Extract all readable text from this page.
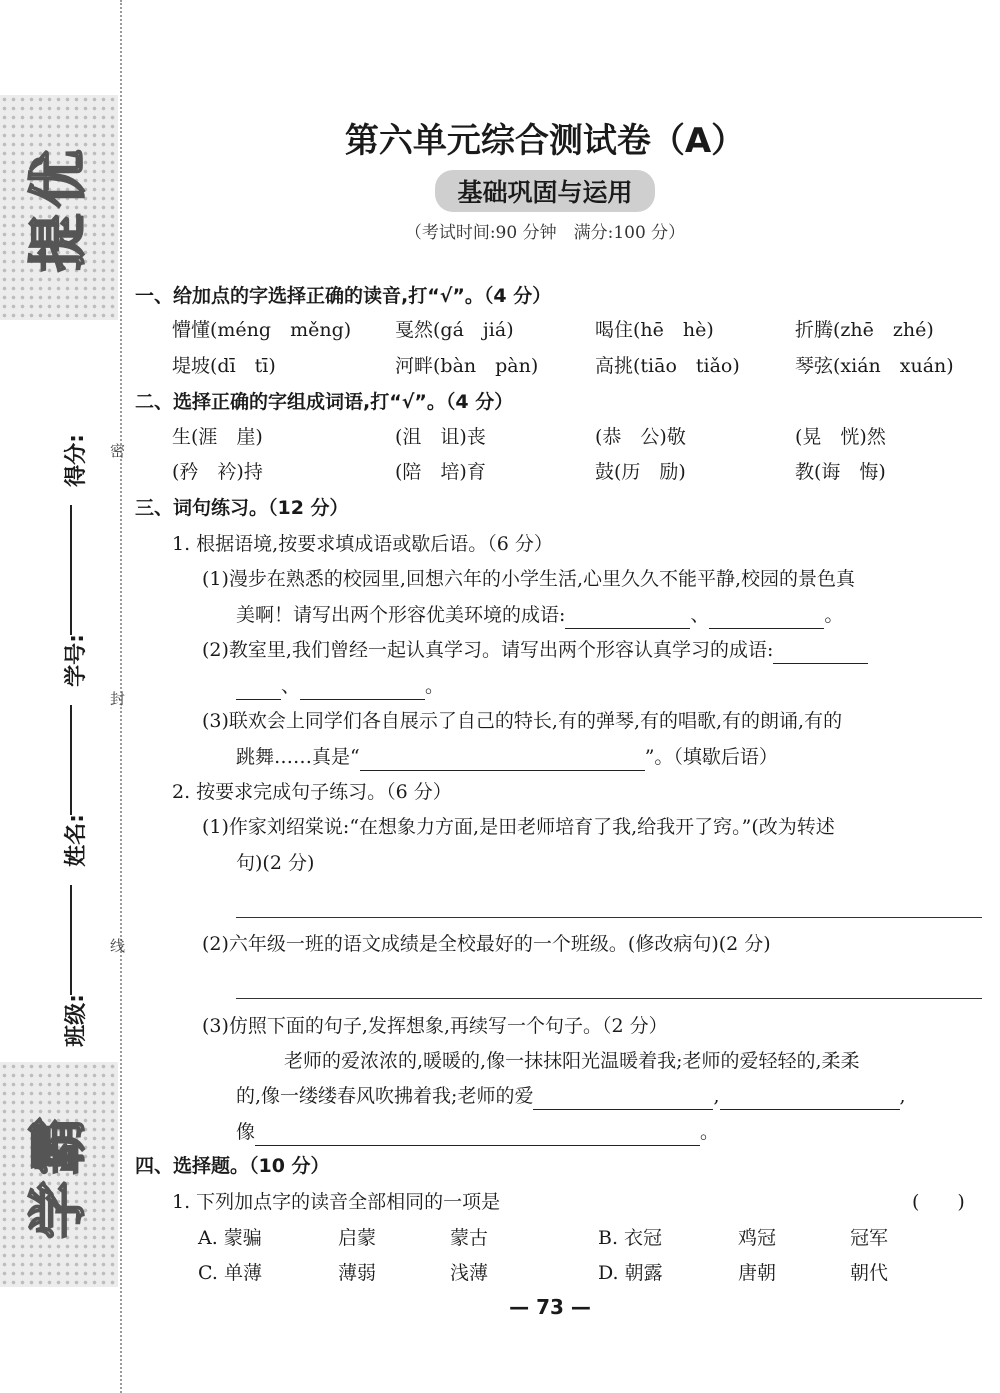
提优
得分:
学号:
姓名:
班级:
密
封
线
学霸
第六单元综合测试卷（A）
基础巩固与运用
（考试时间:90 分钟　满分:100 分）
一、给加点的字选择正确的读音,打“√”。（4 分）
懵懂(méng　měng) 戛然(gá　jiá)	喝住(hē　hè)	折腾(zhē　zhé)
堤坡(dī　tī)	河畔(bàn　pàn)	高挑(tiāo　tiǎo)	琴弦(xián　xuán)
二、选择正确的字组成词语,打“√”。（4 分）
生(涯　崖)	(沮　诅)丧	(恭　公)敬	(晃　恍)然
(矜　衿)持	(陪　培)育	鼓(历　励)	教(诲　悔)
三、词句练习。（12 分）
1. 根据语境,按要求填成语或歇后语。（6 分）
(1)漫步在熟悉的校园里,回想六年的小学生活,心里久久不能平静,校园的景色真
美啊！请写出两个形容优美环境的成语:	、	。
(2)教室里,我们曾经一起认真学习。请写出两个形容认真学习的成语:
、	。
(3)联欢会上同学们各自展示了自己的特长,有的弹琴,有的唱歌,有的朗诵,有的
跳舞……真是“	”。（填歇后语）
2. 按要求完成句子练习。（6 分）
(1)作家刘绍棠说:“在想象力方面,是田老师培育了我,给我开了窍。”(改为转述
句)(2 分)
(2)六年级一班的语文成绩是全校最好的一个班级。(修改病句)(2 分)
(3)仿照下面的句子,发挥想象,再续写一个句子。（2 分）
老师的爱浓浓的,暖暖的,像一抹抹阳光温暖着我;老师的爱轻轻的,柔柔
的,像一缕缕春风吹拂着我;老师的爱	,	,
像	。
四、选择题。（10 分）
1. 下列加点字的读音全部相同的一项是	(　　)
A. 蒙骗	启蒙	蒙古	B. 衣冠	鸡冠	冠军
C. 单薄	薄弱	浅薄	D. 朝露	唐朝	朝代
— 73 —
